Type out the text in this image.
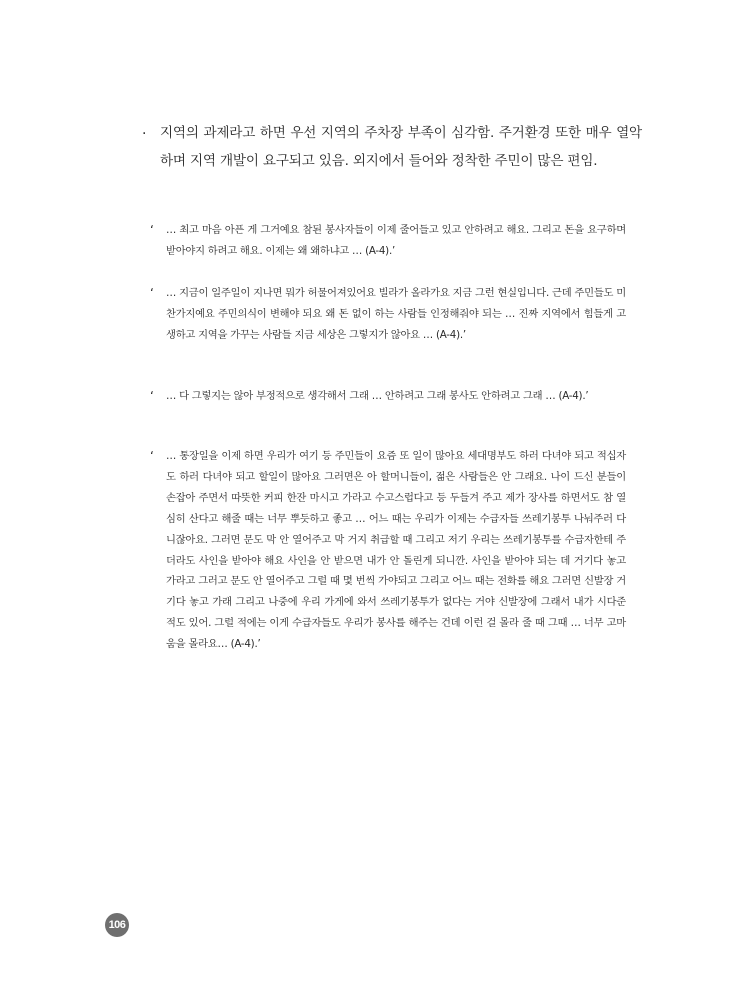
· 지역의 과제라고 하면 우선 지역의 주차장 부족이 심각함. 주거환경 또한 매우 열악하며 지역 개발이 요구되고 있음. 외지에서 들어와 정착한 주민이 많은 편임.

‘ … 최고 마음 아픈 게 그거예요 참된 봉사자들이 이제 줄어들고 있고 안하려고 해요. 그리고 돈을 요구하며 받아야지 하려고 해요. 이제는 왜 왜하냐고 … (A-4).’

‘ … 지금이 일주일이 지나면 뭐가 허물어져있어요 빌라가 올라가요 지금 그런 현실입니다. 근데 주민들도 미찬가지예요 주민의식이 변해야 되요 왜 돈 없이 하는 사람들 인정해줘야 되는 … 진짜 지역에서 힘들게 고생하고 지역을 가꾸는 사람들 지금 세상은 그렇지가 않아요 … (A-4).’

‘ … 다 그렇지는 않아 부정적으로 생각해서 그래 … 안하려고 그래 봉사도 안하려고 그래 … (A-4).’

‘ … 통장일을 이제 하면 우리가 여기 등 주민들이 요즘 또 일이 많아요 세대명부도 하러 다녀야 되고 적십자도 하러 다녀야 되고 할일이 많아요 그러면은 아 할머니들이, 젊은 사람들은 안 그래요. 나이 드신 분들이 손잡아 주면서 따뜻한 커피 한잔 마시고 가라고 수고스럽다고 등 두들겨 주고 제가 장사를 하면서도 참 열심히 산다고 해줄 때는 너무 뿌듯하고 좋고 … 어느 때는 우리가 이제는 수급자들 쓰레기봉투 나눠주러 다니잖아요. 그러면 문도 막 안 열어주고 막 거지 취급할 때 그리고 저기 우리는 쓰레기봉투를 수급자한테 주더라도 사인을 받아야 해요 사인을 안 받으면 내가 안 돌린게 되니깐. 사인을 받아야 되는 데 거기다 놓고 가라고 그러고 문도 안 열어주고 그럴 때 몇 번씩 가야되고 그리고 어느 때는 전화를 해요 그러면 신발장 거기다 놓고 가래 그리고 나중에 우리 가게에 와서 쓰레기봉투가 없다는 거야 신발장에 그래서 내가 시다준 적도 있어. 그럴 적에는 이게 수급자들도 우리가 봉사를 해주는 건데 이런 걸 몰라 줄 때 그때 … 너무 고마움을 몰라요… (A-4).’

106
